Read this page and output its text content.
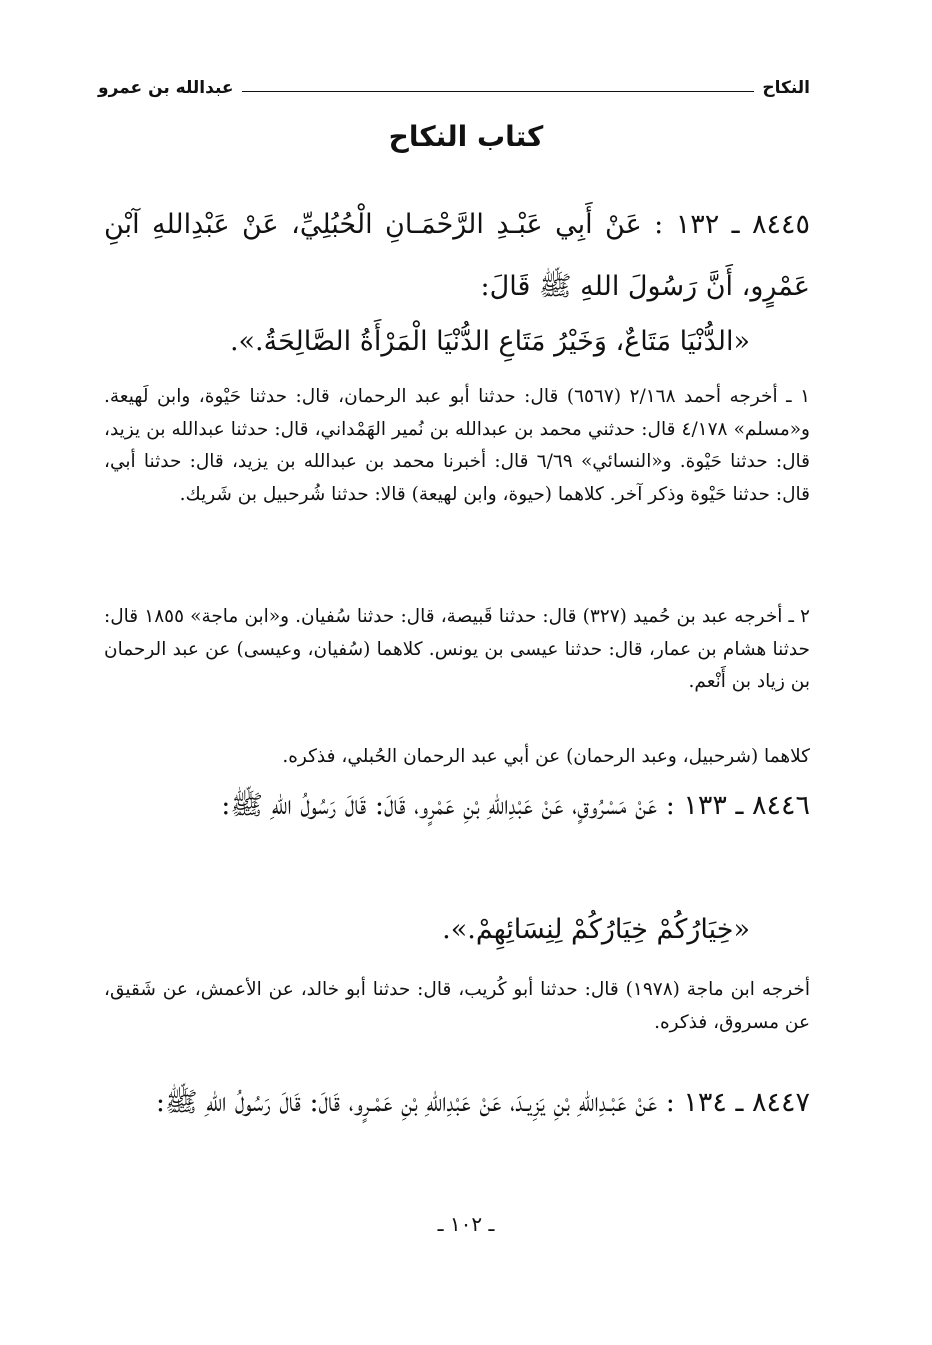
النكاح
عبدالله بن عمرو
كتاب النكاح
٨٤٤٥ ـ ١٣٢ : عَنْ أَبِي عَبْـدِ الرَّحْمَـانِ الْحُبُلِيِّ، عَنْ عَبْدِاللهِ آبْنِ عَمْرٍو، أَنَّ رَسُولَ اللهِ ﷺ قَالَ:
«الدُّنْيَا مَتَاعٌ، وَخَيْرُ مَتَاعِ الدُّنْيَا الْمَرْأَةُ الصَّالِحَةُ.».
١ ـ أخرجه أحمد ٢/١٦٨ (٦٥٦٧) قال: حدثنا أبو عبد الرحمان، قال: حدثنا حَيْوة، وابن لَهيعة. و«مسلم» ٤/١٧٨ قال: حدثني محمد بن عبدالله بن نُمير الهَمْداني، قال: حدثنا عبدالله بن يزيد، قال: حدثنا حَيْوة. و«النسائي» ٦/٦٩ قال: أخبرنا محمد بن عبدالله بن يزيد، قال: حدثنا أبي، قال: حدثنا حَيْوة وذكر آخر. كلاهما (حيوة، وابن لهيعة) قالا: حدثنا شُرحبيل بن شَريك.
٢ ـ أخرجه عبد بن حُميد (٣٢٧) قال: حدثنا قَبيصة، قال: حدثنا سُفيان. و«ابن ماجة» ١٨٥٥ قال: حدثنا هشام بن عمار، قال: حدثنا عيسى بن يونس. كلاهما (سُفيان، وعيسى) عن عبد الرحمان بن زياد بن أَنْعم.
كلاهما (شرحبيل، وعبد الرحمان) عن أبي عبد الرحمان الحُبلي، فذكره.
٨٤٤٦ ـ ١٣٣ : عَنْ مَسْرُوقٍ، عَنْ عَبْدِاللهِ بْنِ عَمْرٍو، قَالَ: قَالَ رَسُولُ اللهِ ﷺ:
«خِيَارُكُمْ خِيَارُكُمْ لِنِسَائِهِمْ.».
أخرجه ابن ماجة (١٩٧٨) قال: حدثنا أبو كُريب، قال: حدثنا أبو خالد، عن الأعمش، عن شَقيق، عن مسروق، فذكره.
٨٤٤٧ ـ ١٣٤ : عَنْ عَبْـدِاللهِ بْنِ يَزِيـدَ، عَنْ عَبْدِاللهِ بْنِ عَمْـرٍو، قَالَ: قَالَ رَسُولُ اللهِ ﷺ:
ـ ١٠٢ ـ
